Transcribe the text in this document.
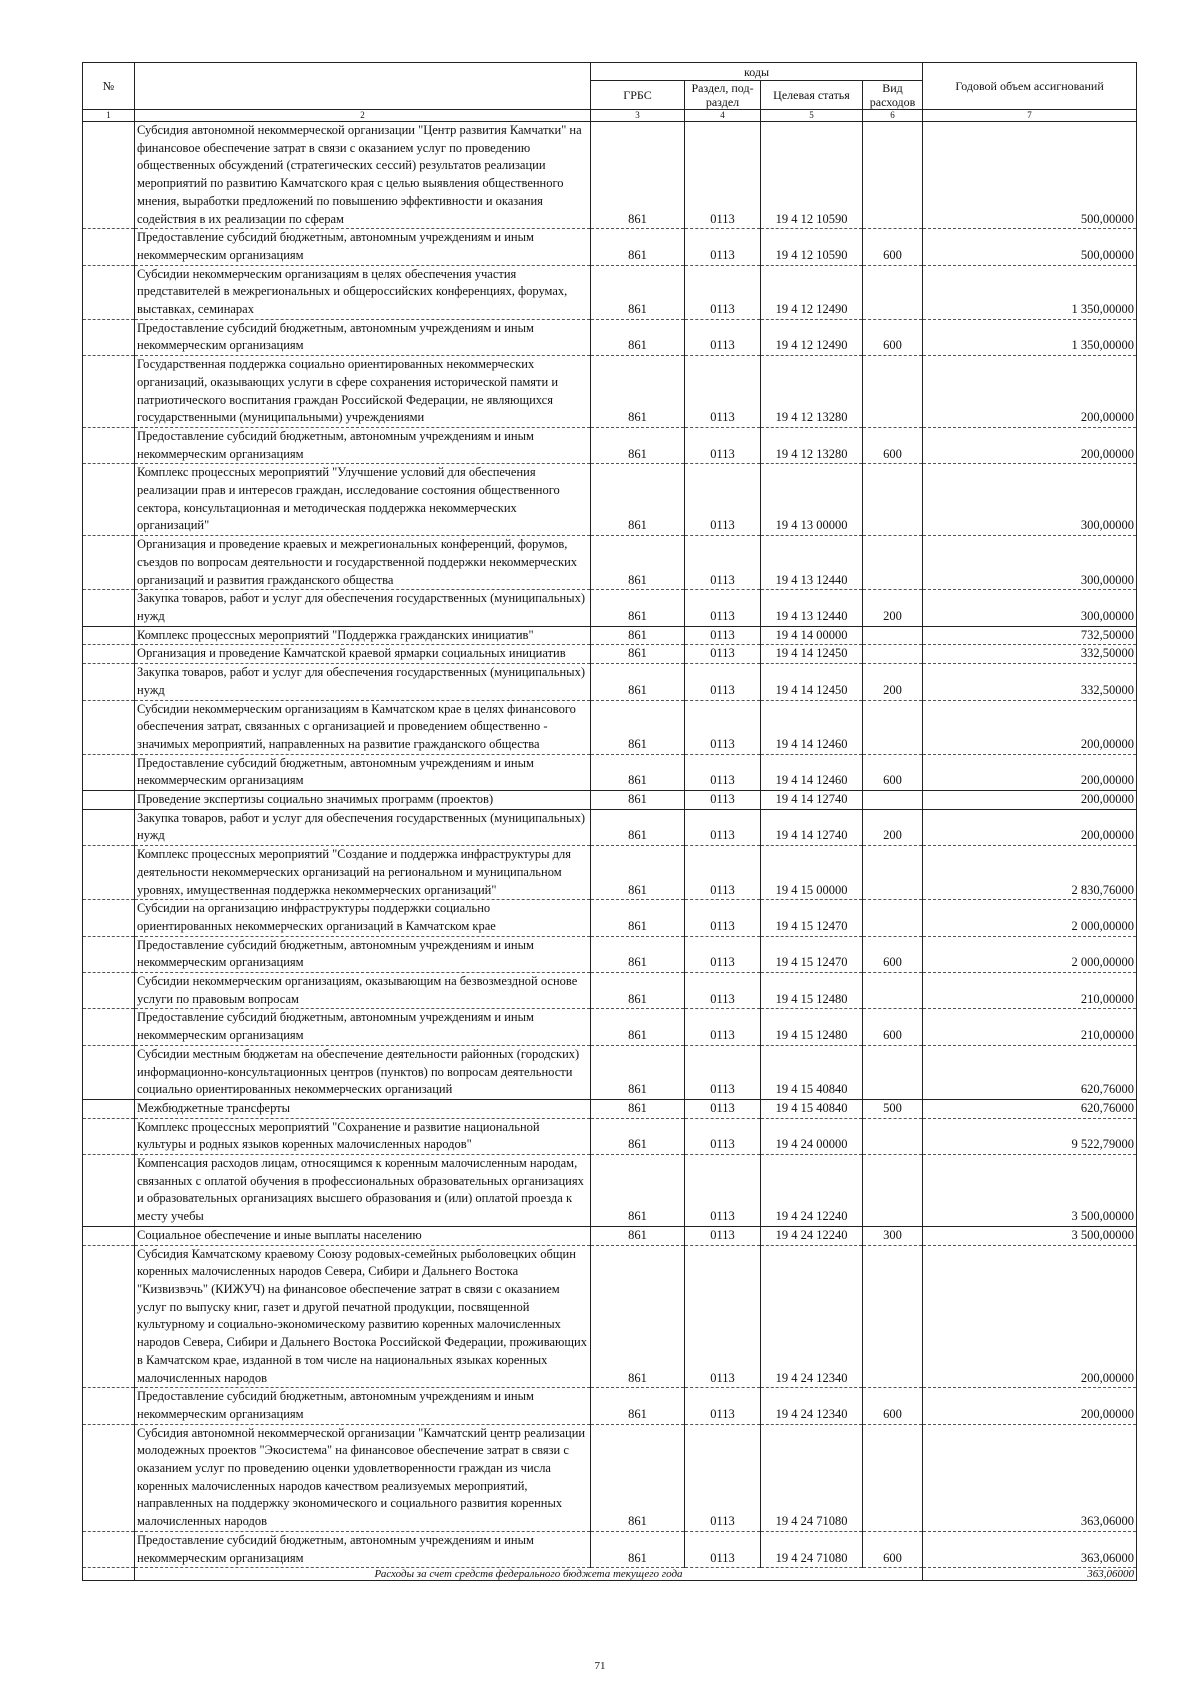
№		коды				Годовой объем ассигнований
		ГРБС	Раздел, под-раздел	Целевая статья	Вид расходов	
1	2	3	4	5	6	7
	Субсидия автономной некоммерческой организации "Центр развития Камчатки" на финансовое обеспечение затрат в связи с оказанием услуг по проведению общественных обсуждений (стратегических сессий) результатов реализации мероприятий по развитию Камчатского края с целью выявления общественного мнения, выработки предложений по повышению эффективности и оказания содействия в их реализации по сферам	861	0113	19 4 12 10590		500,00000
	Предоставление субсидий бюджетным, автономным учреждениям и иным некоммерческим организациям	861	0113	19 4 12 10590	600	500,00000
	Субсидии некоммерческим организациям в целях обеспечения участия представителей в межрегиональных и общероссийских конференциях, форумах, выставках, семинарах	861	0113	19 4 12 12490		1 350,00000
	Предоставление субсидий бюджетным, автономным учреждениям и иным некоммерческим организациям	861	0113	19 4 12 12490	600	1 350,00000
	Государственная поддержка социально ориентированных некоммерческих организаций, оказывающих услуги в сфере сохранения исторической памяти и патриотического воспитания граждан Российской Федерации, не являющихся государственными (муниципальными) учреждениями	861	0113	19 4 12 13280		200,00000
	Предоставление субсидий бюджетным, автономным учреждениям и иным некоммерческим организациям	861	0113	19 4 12 13280	600	200,00000
	Комплекс процессных мероприятий "Улучшение условий для обеспечения реализации прав и интересов граждан, исследование состояния общественного сектора, консультационная и методическая поддержка некоммерческих организаций"	861	0113	19 4 13 00000		300,00000
	Организация и проведение краевых и межрегиональных конференций, форумов, съездов по вопросам деятельности и государственной поддержки некоммерческих организаций и развития гражданского общества	861	0113	19 4 13 12440		300,00000
	Закупка товаров, работ и услуг для обеспечения государственных (муниципальных) нужд	861	0113	19 4 13 12440	200	300,00000
	Комплекс процессных мероприятий "Поддержка гражданских инициатив"	861	0113	19 4 14 00000		732,50000
	Организация и проведение Камчатской краевой ярмарки социальных инициатив	861	0113	19 4 14 12450		332,50000
	Закупка товаров, работ и услуг для обеспечения государственных (муниципальных) нужд	861	0113	19 4 14 12450	200	332,50000
	Субсидии некоммерческим организациям в Камчатском крае в целях финансового обеспечения затрат, связанных с организацией и проведением общественно - значимых мероприятий, направленных на развитие гражданского общества	861	0113	19 4 14 12460		200,00000
	Предоставление субсидий бюджетным, автономным учреждениям и иным некоммерческим организациям	861	0113	19 4 14 12460	600	200,00000
	Проведение экспертизы социально значимых программ (проектов)	861	0113	19 4 14 12740		200,00000
	Закупка товаров, работ и услуг для обеспечения государственных (муниципальных) нужд	861	0113	19 4 14 12740	200	200,00000
	Комплекс процессных мероприятий "Создание и поддержка инфраструктуры для деятельности некоммерческих организаций на региональном и муниципальном уровнях, имущественная поддержка некоммерческих организаций"	861	0113	19 4 15 00000		2 830,76000
	Субсидии на организацию инфраструктуры поддержки социально ориентированных некоммерческих организаций в Камчатском крае	861	0113	19 4 15 12470		2 000,00000
	Предоставление субсидий бюджетным, автономным учреждениям и иным некоммерческим организациям	861	0113	19 4 15 12470	600	2 000,00000
	Субсидии некоммерческим организациям, оказывающим на безвозмездной основе услуги по правовым вопросам	861	0113	19 4 15 12480		210,00000
	Предоставление субсидий бюджетным, автономным учреждениям и иным некоммерческим организациям	861	0113	19 4 15 12480	600	210,00000
	Субсидии местным бюджетам на обеспечение деятельности районных (городских) информационно-консультационных центров (пунктов) по вопросам деятельности социально ориентированных некоммерческих организаций	861	0113	19 4 15 40840		620,76000
	Межбюджетные трансферты	861	0113	19 4 15 40840	500	620,76000
	Комплекс процессных мероприятий "Сохранение и развитие национальной культуры и родных языков коренных малочисленных народов"	861	0113	19 4 24 00000		9 522,79000
	Компенсация расходов лицам, относящимся к коренным малочисленным народам, связанных с оплатой обучения в профессиональных образовательных организациях и образовательных организациях высшего образования и (или) оплатой проезда к месту учебы	861	0113	19 4 24 12240		3 500,00000
	Социальное обеспечение и иные выплаты населению	861	0113	19 4 24 12240	300	3 500,00000
	Субсидия Камчатскому краевому Союзу родовых-семейных рыболовецких общин коренных малочисленных народов Севера, Сибири и Дальнего Востока "Кизвизвэчь" (КИЖУЧ) на финансовое обеспечение затрат в связи с оказанием услуг по выпуску книг, газет и другой печатной продукции, посвященной культурному и социально-экономическому развитию коренных малочисленных народов Севера, Сибири и Дальнего Востока Российской Федерации, проживающих в Камчатском крае, изданной в том числе на национальных языках коренных малочисленных народов	861	0113	19 4 24 12340		200,00000
	Предоставление субсидий бюджетным, автономным учреждениям и иным некоммерческим организациям	861	0113	19 4 24 12340	600	200,00000
	Субсидия автономной некоммерческой организации "Камчатский центр реализации молодежных проектов "Экосистема" на финансовое обеспечение затрат в связи с оказанием услуг по проведению оценки удовлетворенности граждан из числа коренных малочисленных народов качеством реализуемых мероприятий, направленных на поддержку экономического и социального развития коренных малочисленных народов	861	0113	19 4 24 71080		363,06000
	Предоставление субсидий бюджетным, автономным учреждениям и иным некоммерческим организациям	861	0113	19 4 24 71080	600	363,06000
	Расходы за счет средств федерального бюджета текущего года					363,06000
71
